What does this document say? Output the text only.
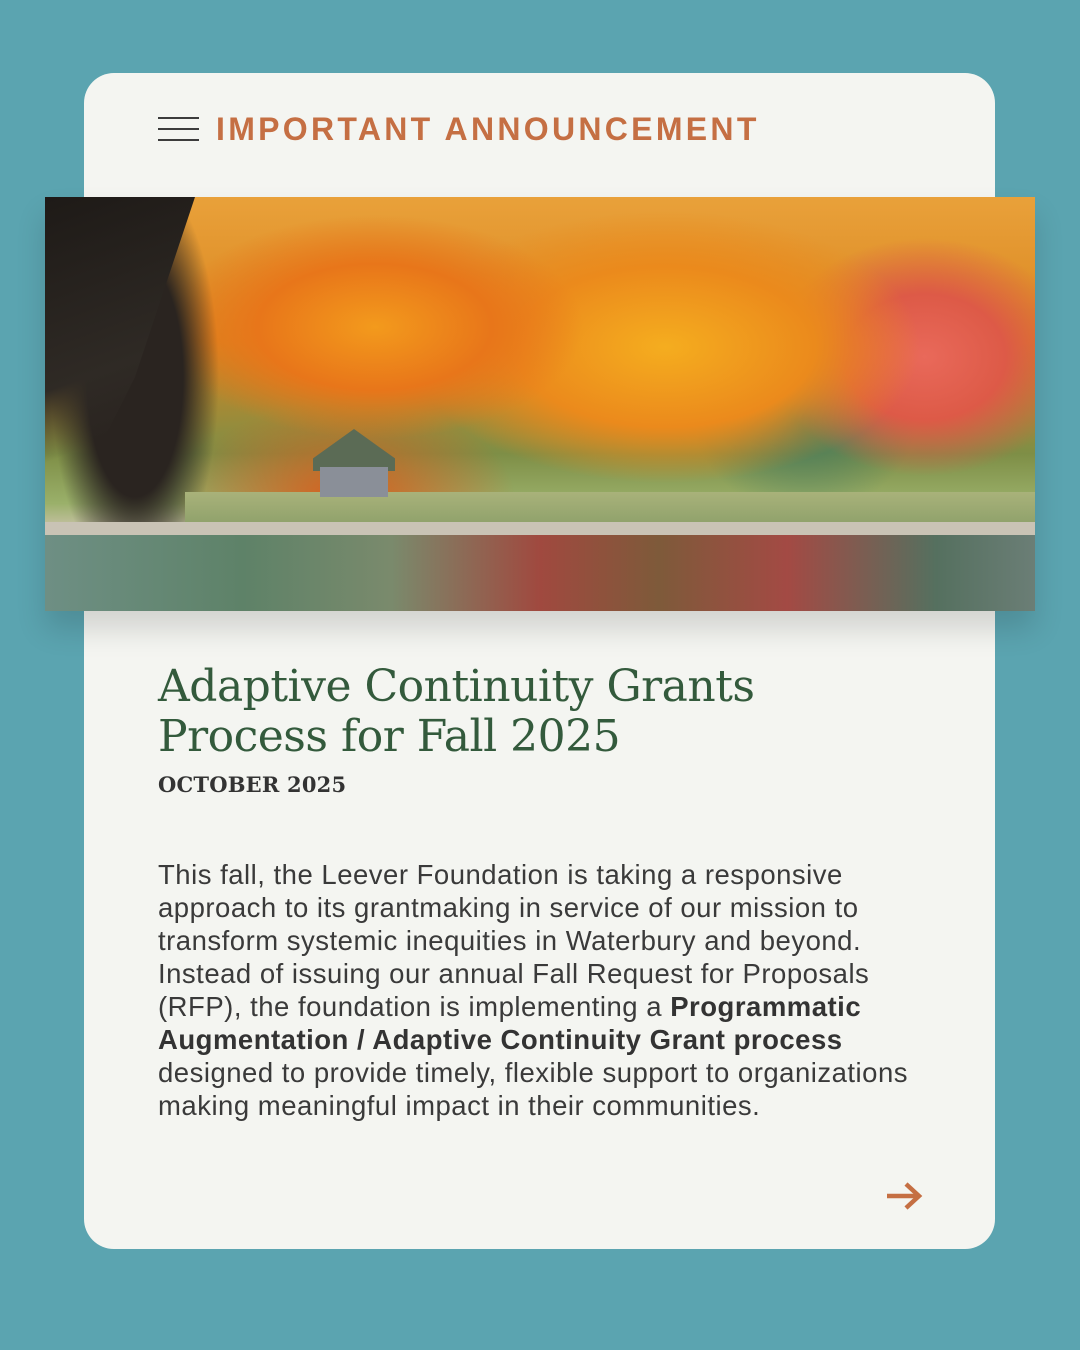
IMPORTANT ANNOUNCEMENT
Adaptive Continuity Grants
Process for Fall 2025
OCTOBER 2025

This fall, the Leever Foundation is taking a responsive approach to its grantmaking in service of our mission to transform systemic inequities in Waterbury and beyond. Instead of issuing our annual Fall Request for Proposals (RFP), the foundation is implementing a Programmatic Augmentation / Adaptive Continuity Grant process designed to provide timely, flexible support to organizations making meaningful impact in their communities.
